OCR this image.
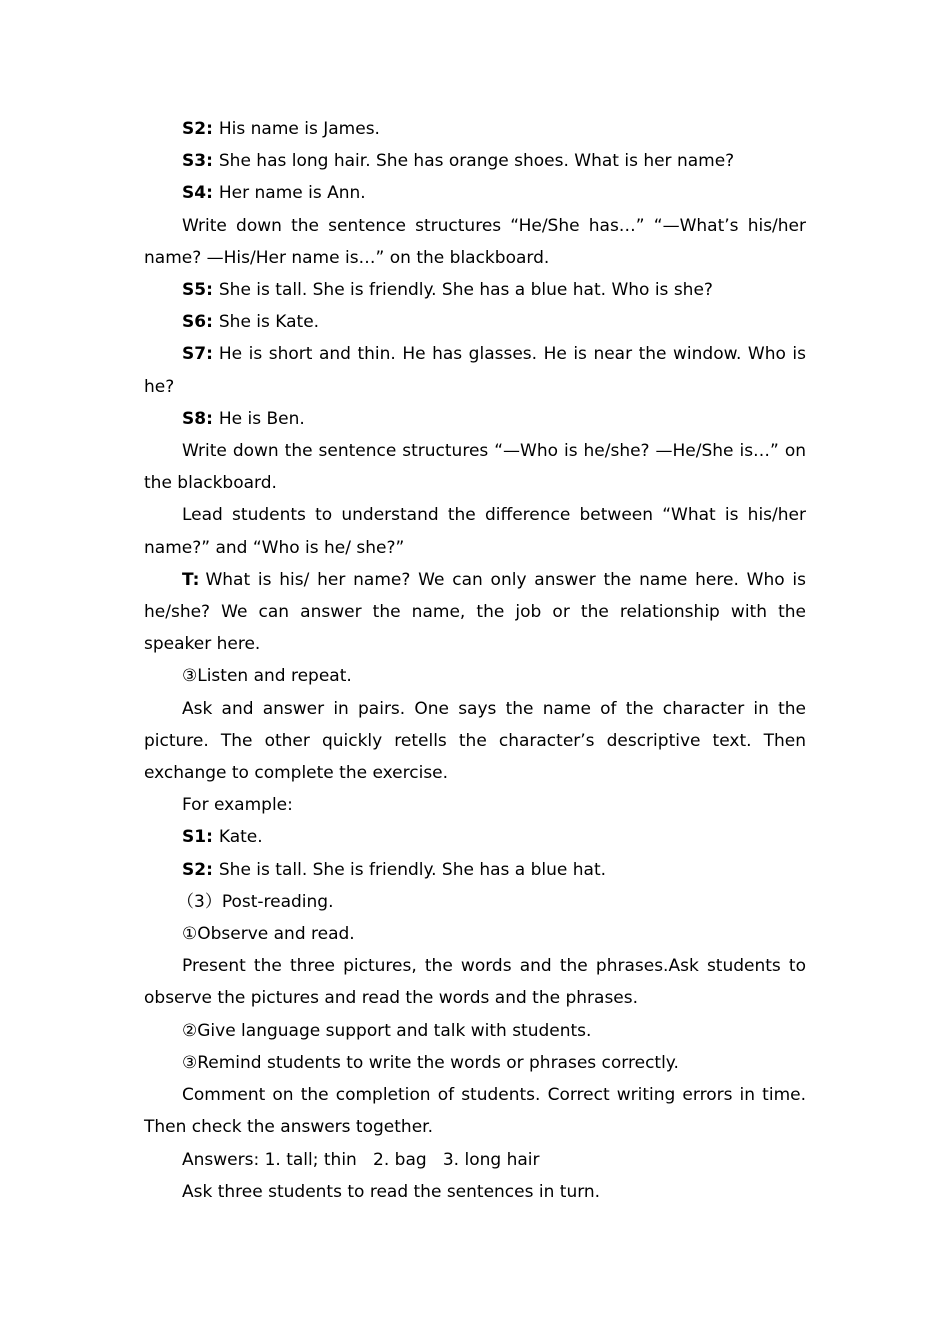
S2: His name is James.

S3: She has long hair. She has orange shoes. What is her name?

S4: Her name is Ann.

Write down the sentence structures “He/She has…” “—What’s his/her name? —His/Her name is…” on the blackboard.

S5: She is tall. She is friendly. She has a blue hat. Who is she?

S6: She is Kate.

S7: He is short and thin. He has glasses. He is near the window. Who is he?

S8: He is Ben.

Write down the sentence structures “—Who is he/she? —He/She is…” on the blackboard.

Lead students to understand the difference between “What is his/her name?” and “Who is he/ she?”

T: What is his/ her name? We can only answer the name here. Who is he/she? We can answer the name, the job or the relationship with the speaker here.

③Listen and repeat.

Ask and answer in pairs. One says the name of the character in the picture. The other quickly retells the character’s descriptive text. Then exchange to complete the exercise.

For example:

S1: Kate.

S2: She is tall. She is friendly. She has a blue hat.

（3）Post-reading.

①Observe and read.

Present the three pictures, the words and the phrases.Ask students to observe the pictures and read the words and the phrases.

②Give language support and talk with students.

③Remind students to write the words or phrases correctly.

Comment on the completion of students. Correct writing errors in time. Then check the answers together.

Answers: 1. tall; thin   2. bag   3. long hair

Ask three students to read the sentences in turn.
